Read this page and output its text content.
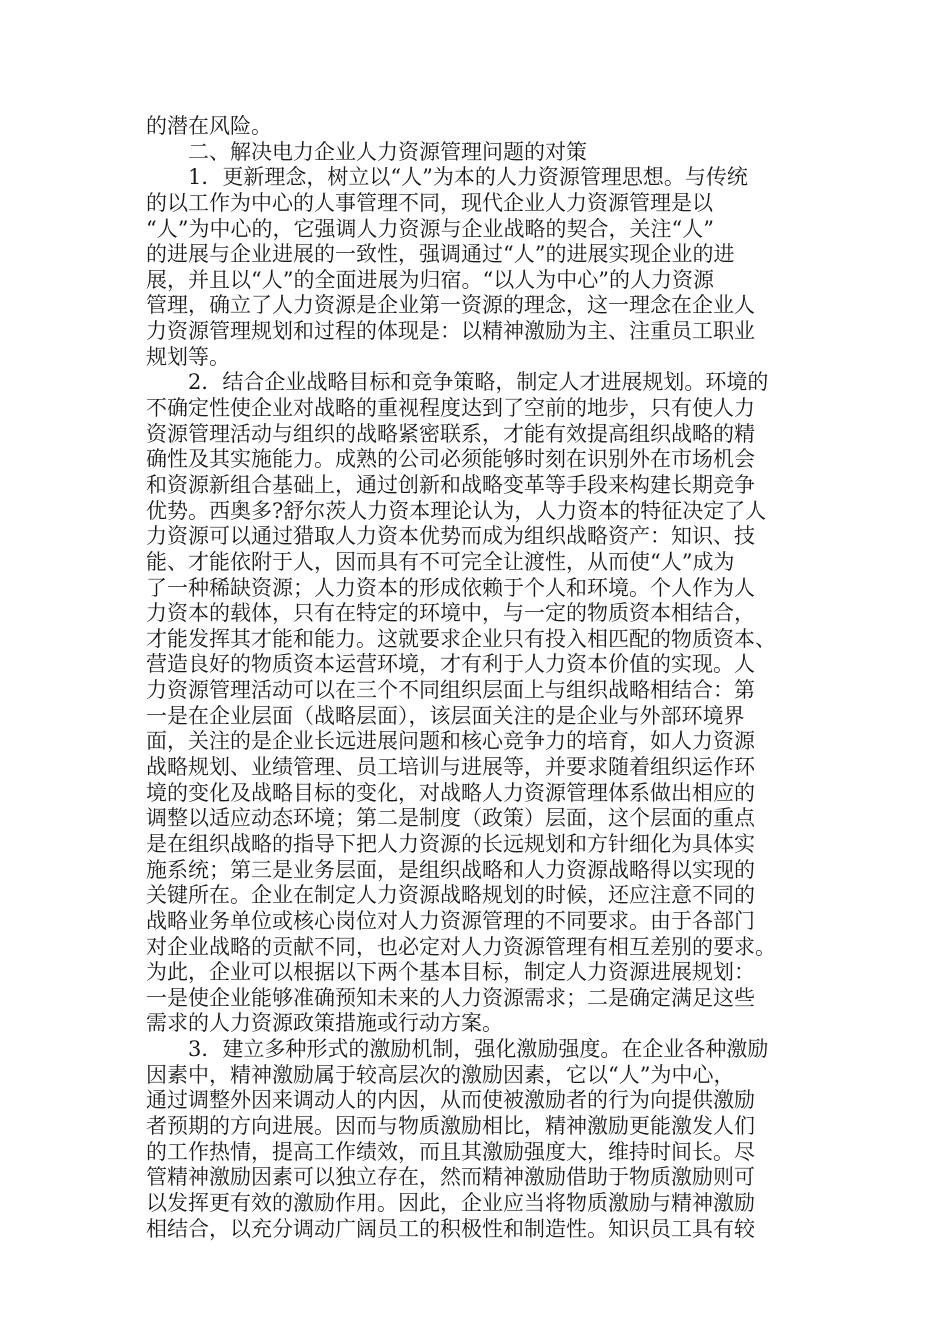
的潜在风险。
二、解决电力企业人力资源管理问题的对策
1．更新理念，树立以“人”为本的人力资源管理思想。与传统
的以工作为中心的人事管理不同，现代企业人力资源管理是以
“人”为中心的，它强调人力资源与企业战略的契合，关注“人”
的进展与企业进展的一致性，强调通过“人”的进展实现企业的进
展，并且以“人”的全面进展为归宿。“以人为中心”的人力资源
管理，确立了人力资源是企业第一资源的理念，这一理念在企业人
力资源管理规划和过程的体现是：以精神激励为主、注重员工职业
规划等。
2．结合企业战略目标和竞争策略，制定人才进展规划。环境的
不确定性使企业对战略的重视程度达到了空前的地步，只有使人力
资源管理活动与组织的战略紧密联系，才能有效提高组织战略的精
确性及其实施能力。成熟的公司必须能够时刻在识别外在市场机会
和资源新组合基础上，通过创新和战略变革等手段来构建长期竞争
优势。西奥多?舒尔茨人力资本理论认为，人力资本的特征决定了人
力资源可以通过猎取人力资本优势而成为组织战略资产：知识、技
能、才能依附于人，因而具有不可完全让渡性，从而使“人”成为
了一种稀缺资源；人力资本的形成依赖于个人和环境。个人作为人
力资本的载体，只有在特定的环境中，与一定的物质资本相结合，
才能发挥其才能和能力。这就要求企业只有投入相匹配的物质资本、
营造良好的物质资本运营环境，才有利于人力资本价值的实现。人
力资源管理活动可以在三个不同组织层面上与组织战略相结合：第
一是在企业层面（战略层面），该层面关注的是企业与外部环境界
面，关注的是企业长远进展问题和核心竞争力的培育，如人力资源
战略规划、业绩管理、员工培训与进展等，并要求随着组织运作环
境的变化及战略目标的变化，对战略人力资源管理体系做出相应的
调整以适应动态环境；第二是制度（政策）层面，这个层面的重点
是在组织战略的指导下把人力资源的长远规划和方针细化为具体实
施系统；第三是业务层面，是组织战略和人力资源战略得以实现的
关键所在。企业在制定人力资源战略规划的时候，还应注意不同的
战略业务单位或核心岗位对人力资源管理的不同要求。由于各部门
对企业战略的贡献不同，也必定对人力资源管理有相互差别的要求。
为此，企业可以根据以下两个基本目标，制定人力资源进展规划：
一是使企业能够准确预知未来的人力资源需求；二是确定满足这些
需求的人力资源政策措施或行动方案。
3．建立多种形式的激励机制，强化激励强度。在企业各种激励
因素中，精神激励属于较高层次的激励因素，它以“人”为中心，
通过调整外因来调动人的内因，从而使被激励者的行为向提供激励
者预期的方向进展。因而与物质激励相比，精神激励更能激发人们
的工作热情，提高工作绩效，而且其激励强度大，维持时间长。尽
管精神激励因素可以独立存在，然而精神激励借助于物质激励则可
以发挥更有效的激励作用。因此，企业应当将物质激励与精神激励
相结合，以充分调动广阔员工的积极性和制造性。知识员工具有较
